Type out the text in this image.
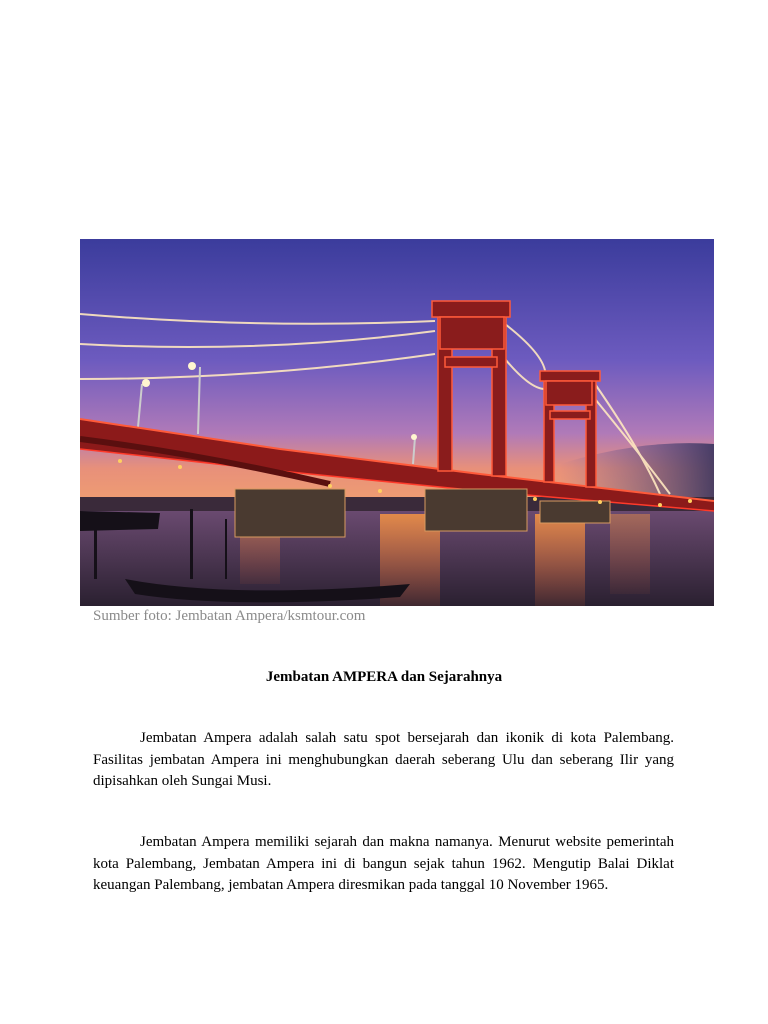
Sumber foto: Jembatan Ampera/ksmtour.com
Jembatan AMPERA dan Sejarahnya

Jembatan Ampera adalah salah satu spot bersejarah dan ikonik di kota Palembang. Fasilitas jembatan Ampera ini menghubungkan daerah seberang Ulu dan seberang Ilir yang dipisahkan oleh Sungai Musi.

Jembatan Ampera memiliki sejarah dan makna namanya. Menurut website pemerintah kota Palembang, Jembatan Ampera ini di bangun sejak tahun 1962. Mengutip Balai Diklat keuangan Palembang, jembatan Ampera diresmikan pada tanggal 10 November 1965.
